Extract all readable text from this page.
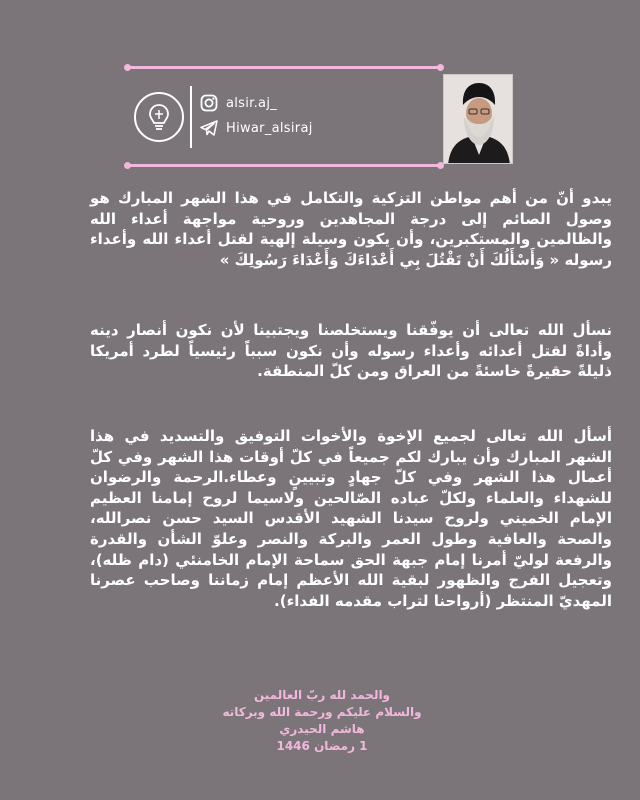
alsir.aj_
Hiwar_alsiraj
يبدو أنّ من أهم مواطن التزكية والتكامل في هذا الشهر المبارك هو وصول الصائم إلى درجة المجاهدين وروحية مواجهة أعداء الله والظالمين والمستكبرين، وأن يكون وسيلة إلهية لقتل أعداء الله وأعداء رسوله « وَأَسْأَلُكَ أَنْ تَقْتُلَ بِي أَعْدَاءَكَ وَأَعْدَاءَ رَسُولِكَ »
نسأل الله تعالى أن يوفّقنا ويستخلصنا ويجتبينا لأن نكون أنصار دينه وأداةً لقتل أعدائه وأعداء رسوله وأن نكون سبباً رئيسياً لطرد أمريكا ذليلةً حقيرةً خاسئةً من العراق ومن كلّ المنطقة.
أسأل الله تعالى لجميع الإخوة والأخوات التوفيق والتسديد في هذا الشهر المبارك وأن يبارك لكم جميعاً في كلّ أوقات هذا الشهر وفي كلّ أعمال هذا الشهر وفي كلّ جهادٍ وتبيينٍ وعطاء.الرحمة والرضوان للشهداء والعلماء ولكلّ عباده الصّالحين ولاسيما لروح إمامنا العظيم الإمام الخميني ولروح سيدنا الشهيد الأقدس السيد حسن نصرالله، والصحة والعافية وطول العمر والبركة والنصر وعلوّ الشأن والقدرة والرفعة لوليّ أمرنا إمام جبهة الحق سماحة الإمام الخامنئي (دام ظله)، وتعجيل الفرج والظهور لبقية الله الأعظم إمام زماننا وصاحب عصرنا المهديّ المنتظر (أرواحنا لتراب مقدمه الفداء).
والحمد لله ربّ العالمين
والسلام عليكم ورحمة الله وبركاته
هاشم الحيدري
1 رمضان 1446
